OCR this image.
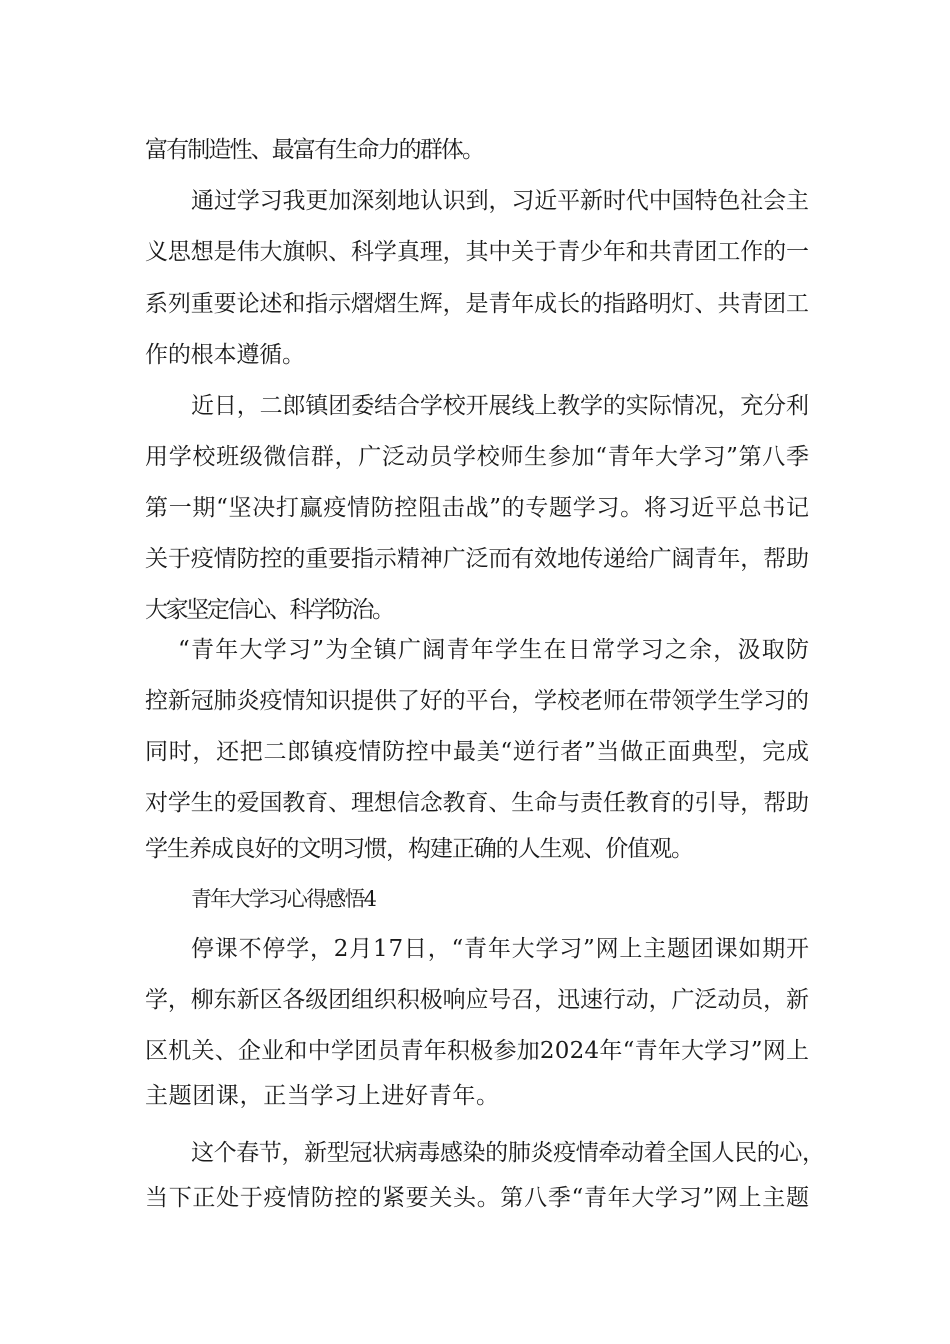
富有制造性、最富有生命力的群体。
通过学习我更加深刻地认识到，习近平新时代中国特色社会主
义思想是伟大旗帜、科学真理，其中关于青少年和共青团工作的一
系列重要论述和指示熠熠生辉，是青年成长的指路明灯、共青团工
作的根本遵循。
近日，二郎镇团委结合学校开展线上教学的实际情况，充分利
用学校班级微信群，广泛动员学校师生参加“青年大学习”第八季
第一期“坚决打赢疫情防控阻击战”的专题学习。将习近平总书记
关于疫情防控的重要指示精神广泛而有效地传递给广阔青年，帮助
大家坚定信心、科学防治。
“青年大学习”为全镇广阔青年学生在日常学习之余，汲取防
控新冠肺炎疫情知识提供了好的平台，学校老师在带领学生学习的
同时，还把二郎镇疫情防控中最美“逆行者”当做正面典型，完成
对学生的爱国教育、理想信念教育、生命与责任教育的引导，帮助
学生养成良好的文明习惯，构建正确的人生观、价值观。
青年大学习心得感悟4
停课不停学，2月17日，“青年大学习”网上主题团课如期开
学，柳东新区各级团组织积极响应号召，迅速行动，广泛动员，新
区机关、企业和中学团员青年积极参加2024年“青年大学习”网上
主题团课，正当学习上进好青年。
这个春节，新型冠状病毒感染的肺炎疫情牵动着全国人民的心，
当下正处于疫情防控的紧要关头。第八季“青年大学习”网上主题
